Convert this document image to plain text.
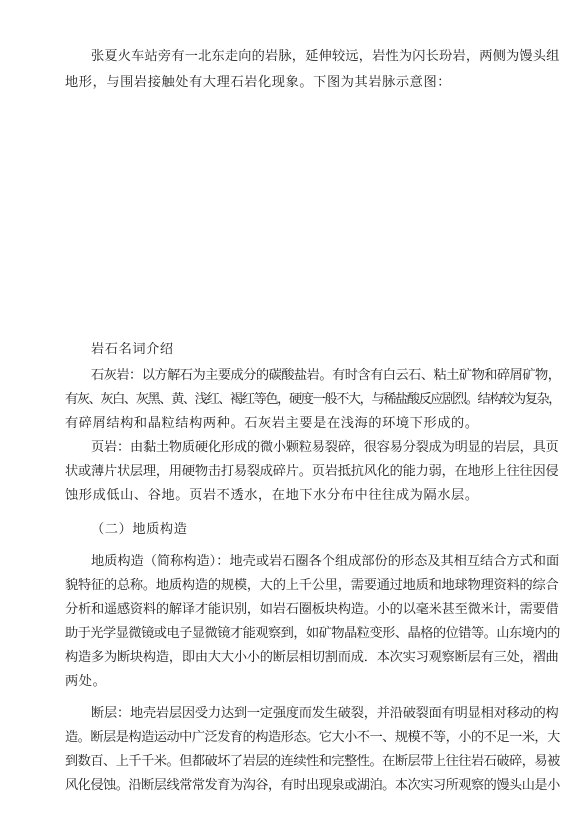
张夏火车站旁有一北东走向的岩脉，延伸较远，岩性为闪长玢岩，两侧为馒头组
地形，与围岩接触处有大理石岩化现象。下图为其岩脉示意图：
岩石名词介绍
石灰岩：以方解石为主要成分的碳酸盐岩。有时含有白云石、粘土矿物和碎屑矿物，
有灰、灰白、灰黑、黄、浅红、褐红等色，硬度一般不大，与稀盐酸反应剧烈。结构较为复杂，
有碎屑结构和晶粒结构两种。石灰岩主要是在浅海的环境下形成的。
页岩：由黏土物质硬化形成的微小颗粒易裂碎，很容易分裂成为明显的岩层，具页
状或薄片状层理，用硬物击打易裂成碎片。页岩抵抗风化的能力弱，在地形上往往因侵
蚀形成低山、谷地。页岩不透水，在地下水分布中往往成为隔水层。
（二）地质构造
地质构造（简称构造）：地壳或岩石圈各个组成部份的形态及其相互结合方式和面
貌特征的总称。地质构造的规模，大的上千公里，需要通过地质和地球物理资料的综合
分析和遥感资料的解译才能识别，如岩石圈板块构造。小的以毫米甚至微米计，需要借
助于光学显微镜或电子显微镜才能观察到，如矿物晶粒变形、晶格的位错等。山东境内的
构造多为断块构造，即由大大小小的断层相切割而成．本次实习观察断层有三处，褶曲
两处。
断层：地壳岩层因受力达到一定强度而发生破裂，并沿破裂面有明显相对移动的构
造。断层是构造运动中广泛发育的构造形态。它大小不一、规模不等，小的不足一米，大
到数百、上千千米。但都破坏了岩层的连续性和完整性。在断层带上往往岩石破碎，易被
风化侵蚀。沿断层线常常发育为沟谷，有时出现泉或湖泊。本次实习所观察的馒头山是小
